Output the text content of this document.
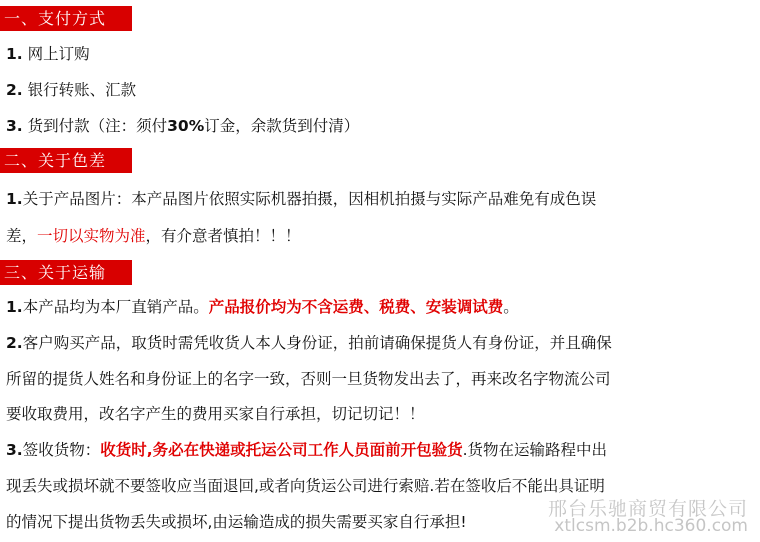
一、支付方式
1. 网上订购
2. 银行转账、汇款
3. 货到付款（注：须付30%订金，余款货到付清）
二、关于色差
1.关于产品图片：本产品图片依照实际机器拍摄，因相机拍摄与实际产品难免有成色误
差，一切以实物为准，有介意者慎拍！！！
三、关于运输
1.本产品均为本厂直销产品。产品报价均为不含运费、税费、安装调试费。
2.客户购买产品，取货时需凭收货人本人身份证，拍前请确保提货人有身份证，并且确保
所留的提货人姓名和身份证上的名字一致，否则一旦货物发出去了，再来改名字物流公司
要收取费用，改名字产生的费用买家自行承担，切记切记！！
3.签收货物：收货时,务必在快递或托运公司工作人员面前开包验货.货物在运输路程中出
现丢失或损坏就不要签收应当面退回,或者向货运公司进行索赔.若在签收后不能出具证明
的情况下提出货物丢失或损坏,由运输造成的损失需要买家自行承担!
邢台乐驰商贸有限公司
xtlcsm.b2b.hc360.com
